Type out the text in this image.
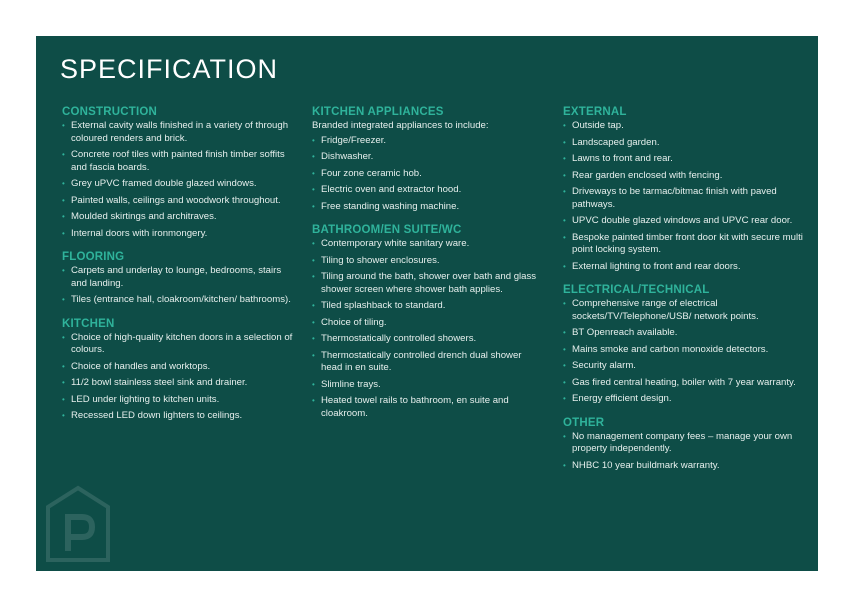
SPECIFICATION
CONSTRUCTION
• External cavity walls finished in a variety of through coloured renders and brick.
• Concrete roof tiles with painted finish timber soffits and fascia boards.
• Grey uPVC framed double glazed windows.
• Painted walls, ceilings and woodwork throughout.
• Moulded skirtings and architraves.
• Internal doors with ironmongery.
FLOORING
• Carpets and underlay to lounge, bedrooms, stairs and landing.
• Tiles (entrance hall, cloakroom/kitchen/ bathrooms).
KITCHEN
• Choice of high-quality kitchen doors in a selection of colours.
• Choice of handles and worktops.
• 11/2 bowl stainless steel sink and drainer.
• LED under lighting to kitchen units.
• Recessed LED down lighters to ceilings.
KITCHEN APPLIANCES

Branded integrated appliances to include:

• Fridge/Freezer.
• Dishwasher.
• Four zone ceramic hob.
• Electric oven and extractor hood.
• Free standing washing machine.
BATHROOM/EN SUITE/WC
• Contemporary white sanitary ware.
• Tiling to shower enclosures.
• Tiling around the bath, shower over bath and glass shower screen where shower bath applies.
• Tiled splashback to standard.
• Choice of tiling.
• Thermostatically controlled showers.
• Thermostatically controlled drench dual shower head in en suite.
• Slimline trays.
• Heated towel rails to bathroom, en suite and cloakroom.
EXTERNAL
• Outside tap.
• Landscaped garden.
• Lawns to front and rear.
• Rear garden enclosed with fencing.
• Driveways to be tarmac/bitmac finish with paved pathways.
• UPVC double glazed windows and UPVC rear door.
• Bespoke painted timber front door kit with secure multi point locking system.
• External lighting to front and rear doors.
ELECTRICAL/TECHNICAL
• Comprehensive range of electrical sockets/TV/Telephone/USB/ network points.
• BT Openreach available.
• Mains smoke and carbon monoxide detectors.
• Security alarm.
• Gas fired central heating, boiler with 7 year warranty.
• Energy efficient design.
OTHER
• No management company fees – manage your own property independently.
• NHBC 10 year buildmark warranty.
